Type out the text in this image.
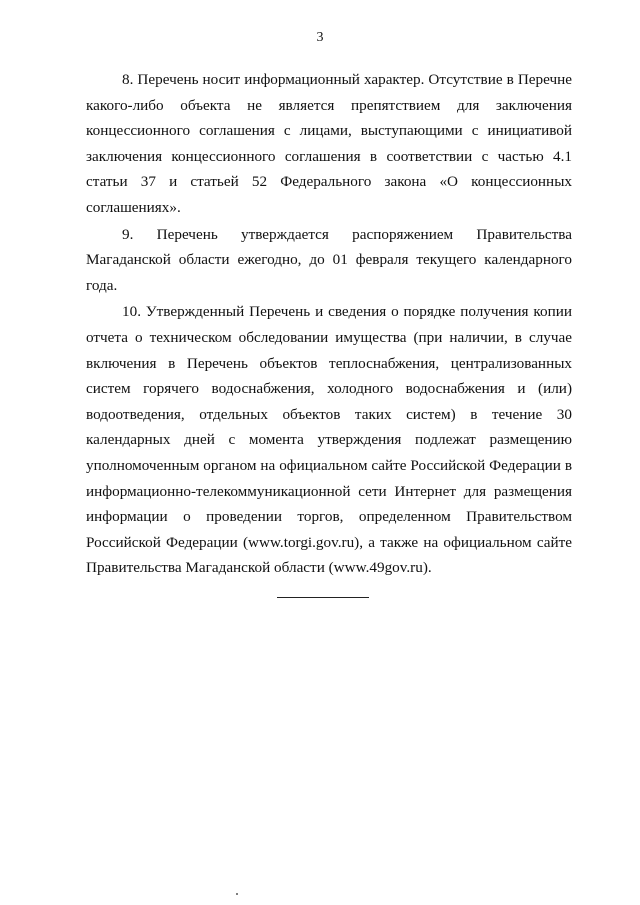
3

8. Перечень носит информационный характер. Отсутствие в Перечне какого-либо объекта не является препятствием для заключения концессионного соглашения с лицами, выступающими с инициативой заключения концессионного соглашения в соответствии с частью 4.1 статьи 37 и статьей 52 Федерального закона «О концессионных соглашениях».

9. Перечень утверждается распоряжением Правительства Магаданской области ежегодно, до 01 февраля текущего календарного года.

10. Утвержденный Перечень и сведения о порядке получения копии отчета о техническом обследовании имущества (при наличии, в случае включения в Перечень объектов теплоснабжения, централизованных систем горячего водоснабжения, холодного водоснабжения и (или) водоотведения, отдельных объектов таких систем) в течение 30 календарных дней с момента утверждения подлежат размещению уполномоченным органом на официальном сайте Российской Федерации в информационно-телекоммуникационной сети Интернет для размещения информации о проведении торгов, определенном Правительством Российской Федерации (www.torgi.gov.ru), а также на официальном сайте Правительства Магаданской области (www.49gov.ru).
